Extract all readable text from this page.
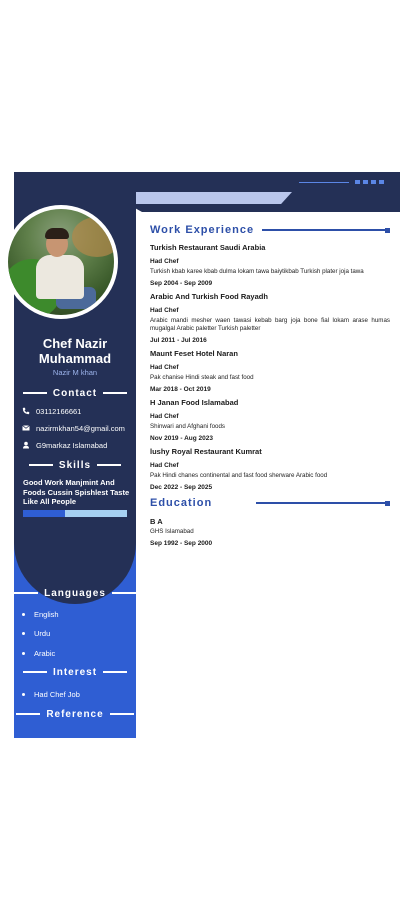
Chef Nazir
Muhammad
Nazir M khan
Contact
03112166661
nazirmkhan54@gmail.com
G9markaz Islamabad
Skills
Good Work Manjmint And Foods Cussin Spishlest Taste Like All People
Languages
English
Urdu
Arabic
Interest
Had Chef Job
Reference
Work Experience
Turkish Restaurant Saudi Arabia
Had Chef
Turkish kbab karee kbab dulma lokam tawa baiytikbab Turkish plater joja tawa
Sep 2004 - Sep 2009
Arabic And Turkish Food Rayadh
Had Chef
Arabic mandi mesher waen tawasi kebab barg joja bone fial lokam arase humas mugalgal Arabic paletter Turkish paletter
Jul 2011 - Jul 2016
Maunt Feset Hotel Naran
Had Chef
Pak chanise Hindi steak and fast food
Mar 2018 - Oct 2019
H Janan Food Islamabad
Had Chef
Shinwari and Afghani foods
Nov 2019 - Aug 2023
lushy Royal Restaurant Kumrat
Had Chef
Pak Hindi chanes continental and fast food sherware Arabic food
Dec 2022 - Sep 2025
Education
B A
GHS Islamabad
Sep 1992 - Sep 2000
